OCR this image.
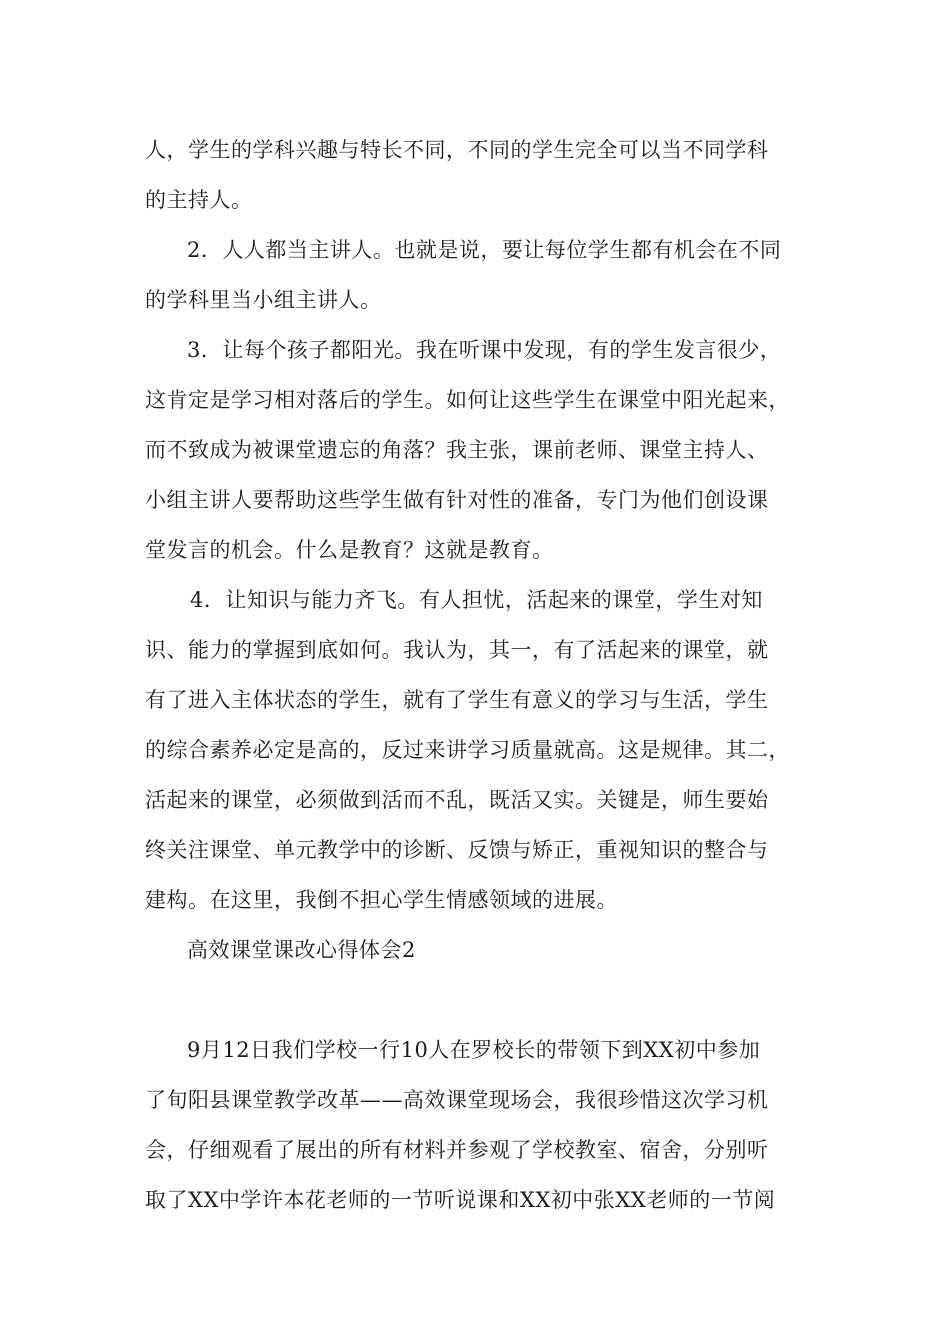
人，学生的学科兴趣与特长不同，不同的学生完全可以当不同学科
的主持人。
2．人人都当主讲人。也就是说，要让每位学生都有机会在不同
的学科里当小组主讲人。
3．让每个孩子都阳光。我在听课中发现，有的学生发言很少，
这肯定是学习相对落后的学生。如何让这些学生在课堂中阳光起来，
而不致成为被课堂遗忘的角落？我主张，课前老师、课堂主持人、
小组主讲人要帮助这些学生做有针对性的准备，专门为他们创设课
堂发言的机会。什么是教育？这就是教育。
4．让知识与能力齐飞。有人担忧，活起来的课堂，学生对知
识、能力的掌握到底如何。我认为，其一，有了活起来的课堂，就
有了进入主体状态的学生，就有了学生有意义的学习与生活，学生
的综合素养必定是高的，反过来讲学习质量就高。这是规律。其二，
活起来的课堂，必须做到活而不乱，既活又实。关键是，师生要始
终关注课堂、单元教学中的诊断、反馈与矫正，重视知识的整合与
建构。在这里，我倒不担心学生情感领域的进展。
高效课堂课改心得体会2
9月12日我们学校一行10人在罗校长的带领下到XX初中参加
了旬阳县课堂教学改革——高效课堂现场会，我很珍惜这次学习机
会，仔细观看了展出的所有材料并参观了学校教室、宿舍，分别听
取了XX中学许本花老师的一节听说课和XX初中张XX老师的一节阅
